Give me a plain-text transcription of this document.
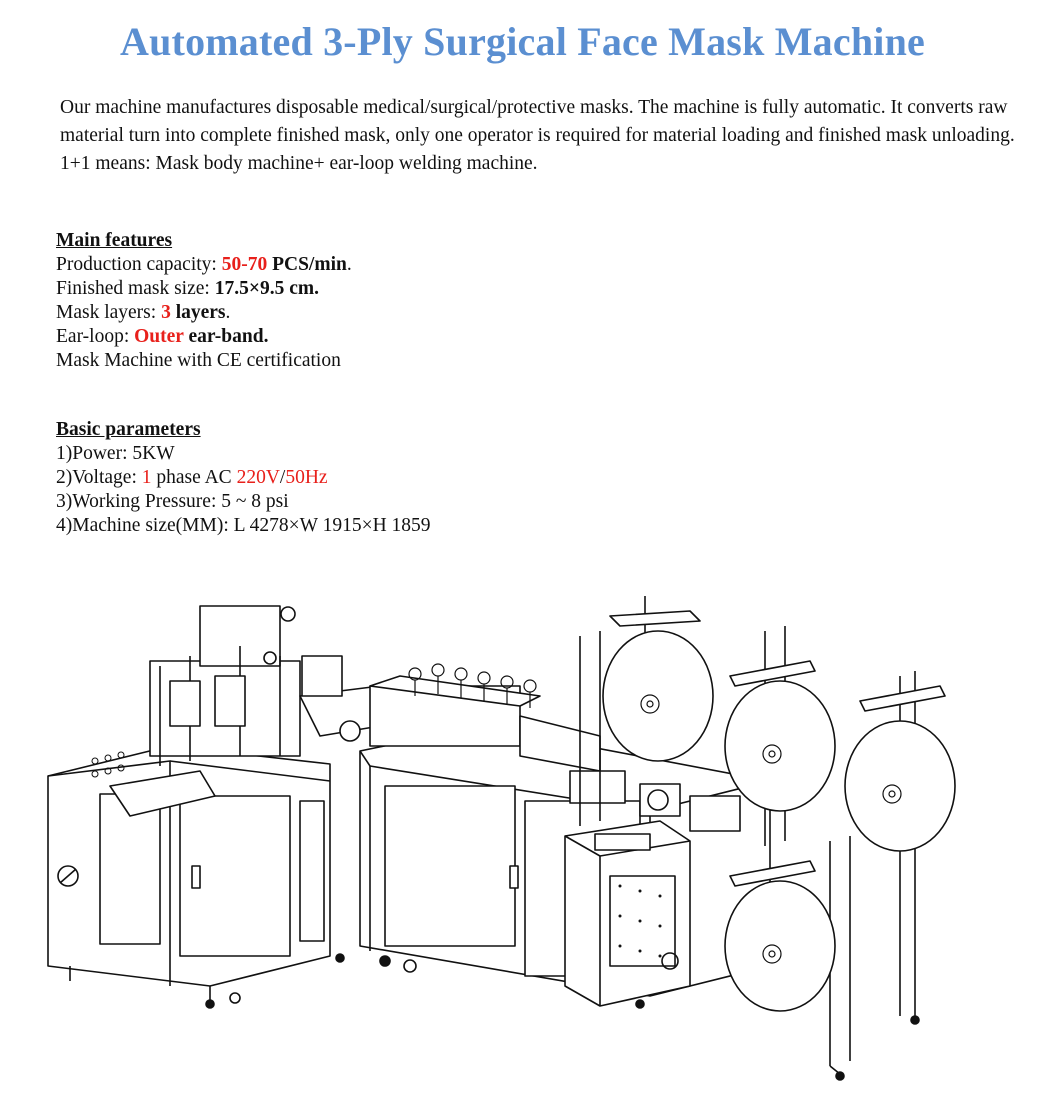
Automated 3-Ply Surgical Face Mask Machine

Our machine manufactures disposable medical/surgical/protective masks. The machine is fully automatic. It converts raw material turn into complete finished mask, only one operator is required for material loading and finished mask unloading.

1+1 means: Mask body machine+ ear-loop welding machine.

Main features

Production capacity: 50-70 PCS/min.

Finished mask size: 17.5×9.5 cm.

Mask layers: 3 layers.

Ear-loop: Outer ear-band.

Mask Machine with CE certification

Basic parameters

1)Power: 5KW

2)Voltage: 1 phase AC 220V/50Hz

3)Working Pressure: 5 ~ 8 psi

4)Machine size(MM): L 4278×W 1915×H 1859
